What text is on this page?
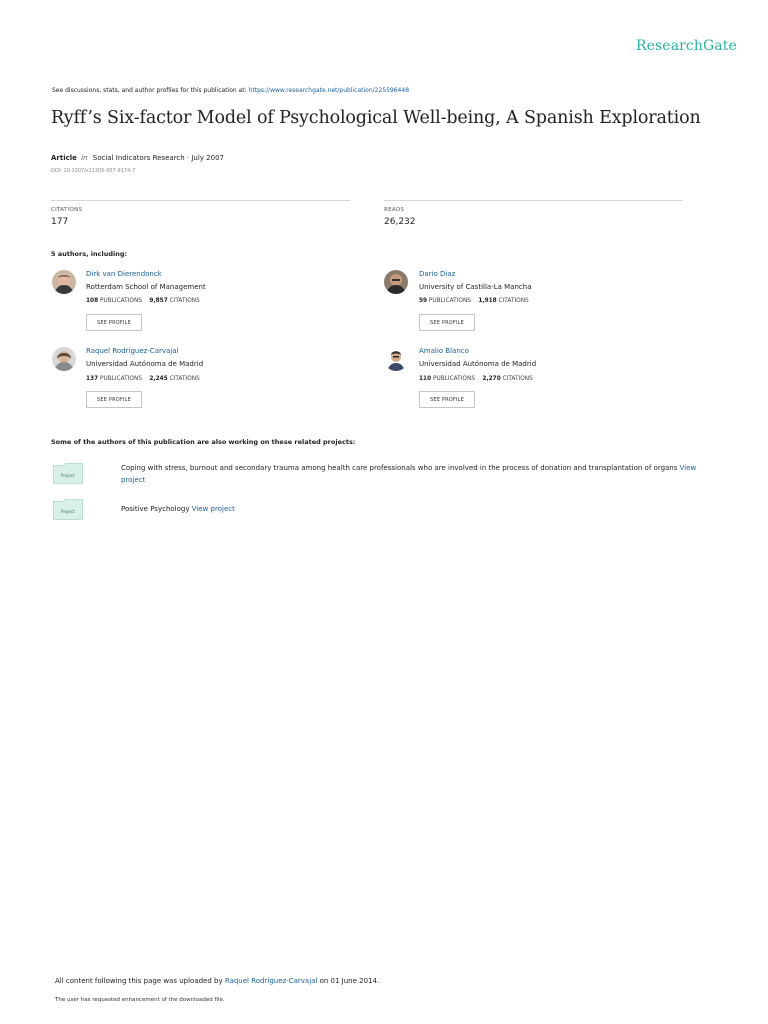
ResearchGate
See discussions, stats, and author profiles for this publication at: https://www.researchgate.net/publication/225596448
Ryff’s Six-factor Model of Psychological Well-being, A Spanish Exploration
Article in Social Indicators Research · July 2007
DOI: 10.1007/s11205-007-9174-7
CITATIONS
177
READS
26,232
5 authors, including:
Dirk van Dierendonck
Rotterdam School of Management
108 PUBLICATIONS 9,857 CITATIONS
SEE PROFILE
Dario Diaz
University of Castilla-La Mancha
59 PUBLICATIONS 1,918 CITATIONS
SEE PROFILE
Raquel Rodríguez-Carvajal
Universidad Autónoma de Madrid
137 PUBLICATIONS 2,245 CITATIONS
SEE PROFILE
Amalio Blanco
Universidad Autónoma de Madrid
110 PUBLICATIONS 2,270 CITATIONS
SEE PROFILE
Some of the authors of this publication are also working on these related projects:
Project
Coping with stress, burnout and secondary trauma among health care professionals who are involved in the process of donation and transplantation of organs View project
Project	Positive Psychology View project
All content following this page was uploaded by Raquel Rodríguez-Carvajal on 01 June 2014.
The user has requested enhancement of the downloaded file.
